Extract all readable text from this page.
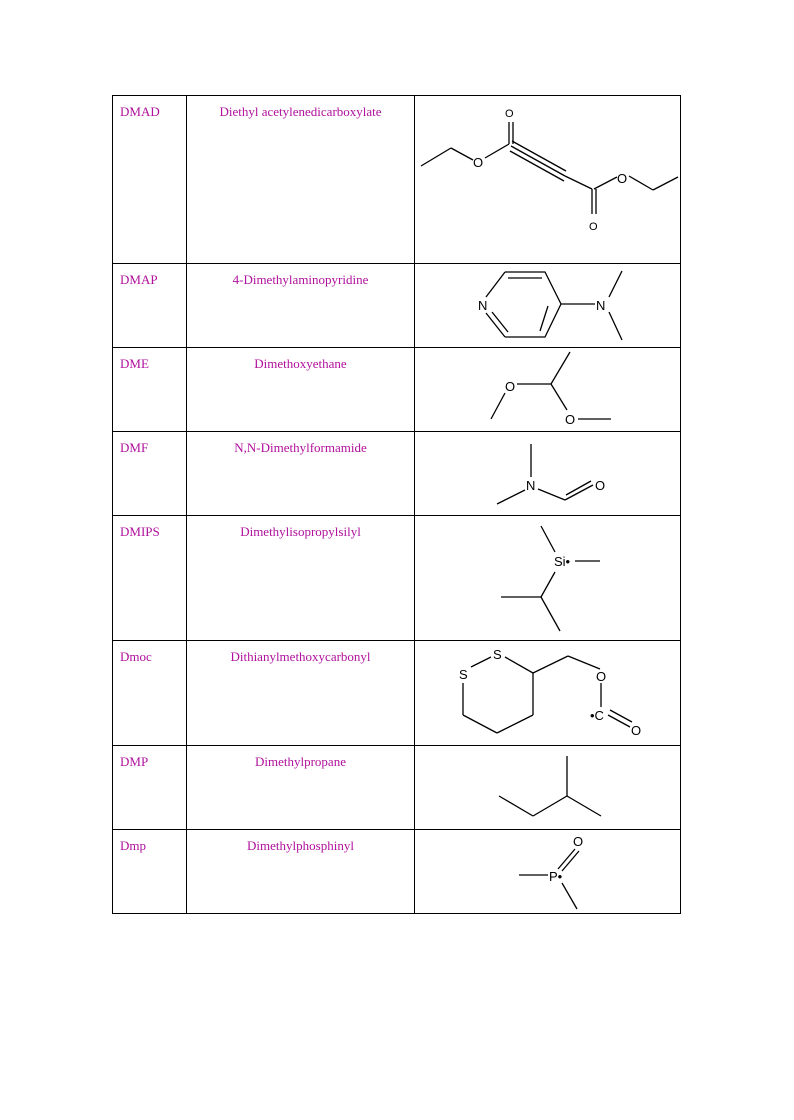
DMAD	Diethyl acetylenedicarboxylate	O
O
O
O

DMAP	4-Dimethylaminopyridine	N N

DME	Dimethoxyethane	O
O

DMF	N,N-Dimethylformamide	N O

DMIPS	Dimethylisopropylsilyl	Si•

Dmoc	Dithianylmethoxycarbonyl	S
S O
•C
O

DMP	Dimethylpropane	

Dmp	Dimethylphosphinyl	O
P•
